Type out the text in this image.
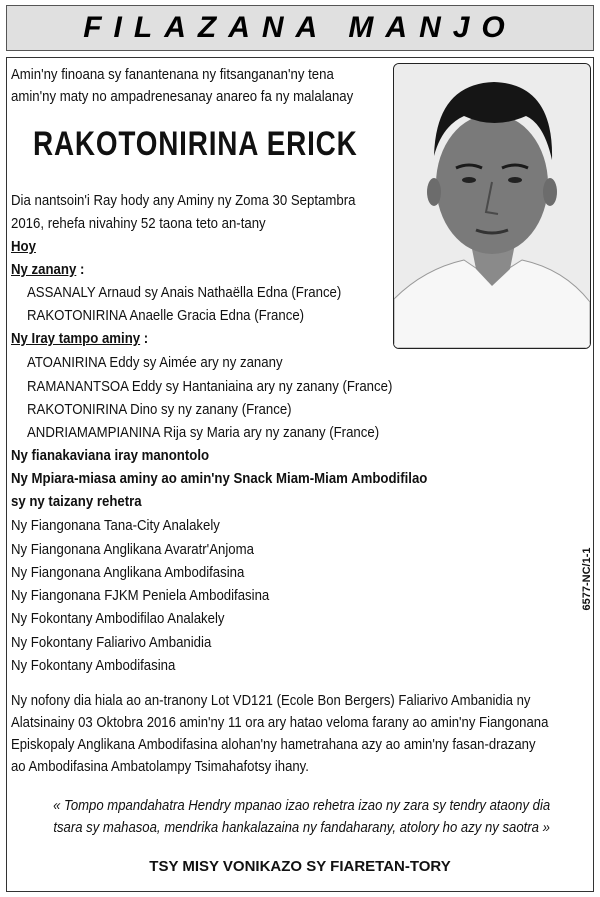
FILAZANA MANJO
Amin'ny finoana sy fanantenana ny fitsanganan'ny tena
amin'ny maty no ampadrenesanay anareo fa ny malalanay
RAKOTONIRINA ERICK
Dia nantsoin'i Ray hody any Aminy ny Zoma 30 Septambra
2016, rehefa nivahiny 52 taona teto an-tany
Hoy
Ny zanany :
ASSANALY Arnaud sy Anais Nathaëlla Edna (France)
RAKOTONIRINA Anaelle Gracia Edna (France)
Ny Iray tampo aminy :
ATOANIRINA Eddy sy Aimée ary ny zanany
RAMANANTSOA Eddy sy Hantaniaina ary ny zanany (France)
RAKOTONIRINA Dino sy ny zanany (France)
ANDRIAMAMPIANINA Rija sy Maria ary ny zanany (France)
Ny fianakaviana iray manontolo
Ny Mpiara-miasa aminy ao amin'ny Snack Miam-Miam Ambodifilao
sy ny taizany rehetra
Ny Fiangonana Tana-City Analakely
Ny Fiangonana Anglikana Avaratr'Anjoma
Ny Fiangonana Anglikana Ambodifasina
Ny Fiangonana FJKM Peniela Ambodifasina
Ny Fokontany Ambodifilao Analakely
Ny Fokontany Faliarivo Ambanidia
Ny Fokontany Ambodifasina
6577-NC/1-1
Ny nofony dia hiala ao an-tranony Lot VD121 (Ecole Bon Bergers) Faliarivo Ambanidia ny
Alatsinainy 03 Oktobra 2016 amin'ny 11 ora ary hatao veloma farany ao amin'ny Fiangonana
Episkopaly Anglikana Ambodifasina alohan'ny hametrahana azy ao amin'ny fasan-drazany
ao Ambodifasina Ambatolampy Tsimahafotsy ihany.
« Tompo mpandahatra Hendry mpanao izao rehetra izao ny zara sy tendry ataony dia
tsara sy mahasoa, mendrika hankalazaina ny fandaharany, atolory ho azy ny saotra »
TSY MISY VONIKAZO SY FIARETAN-TORY
